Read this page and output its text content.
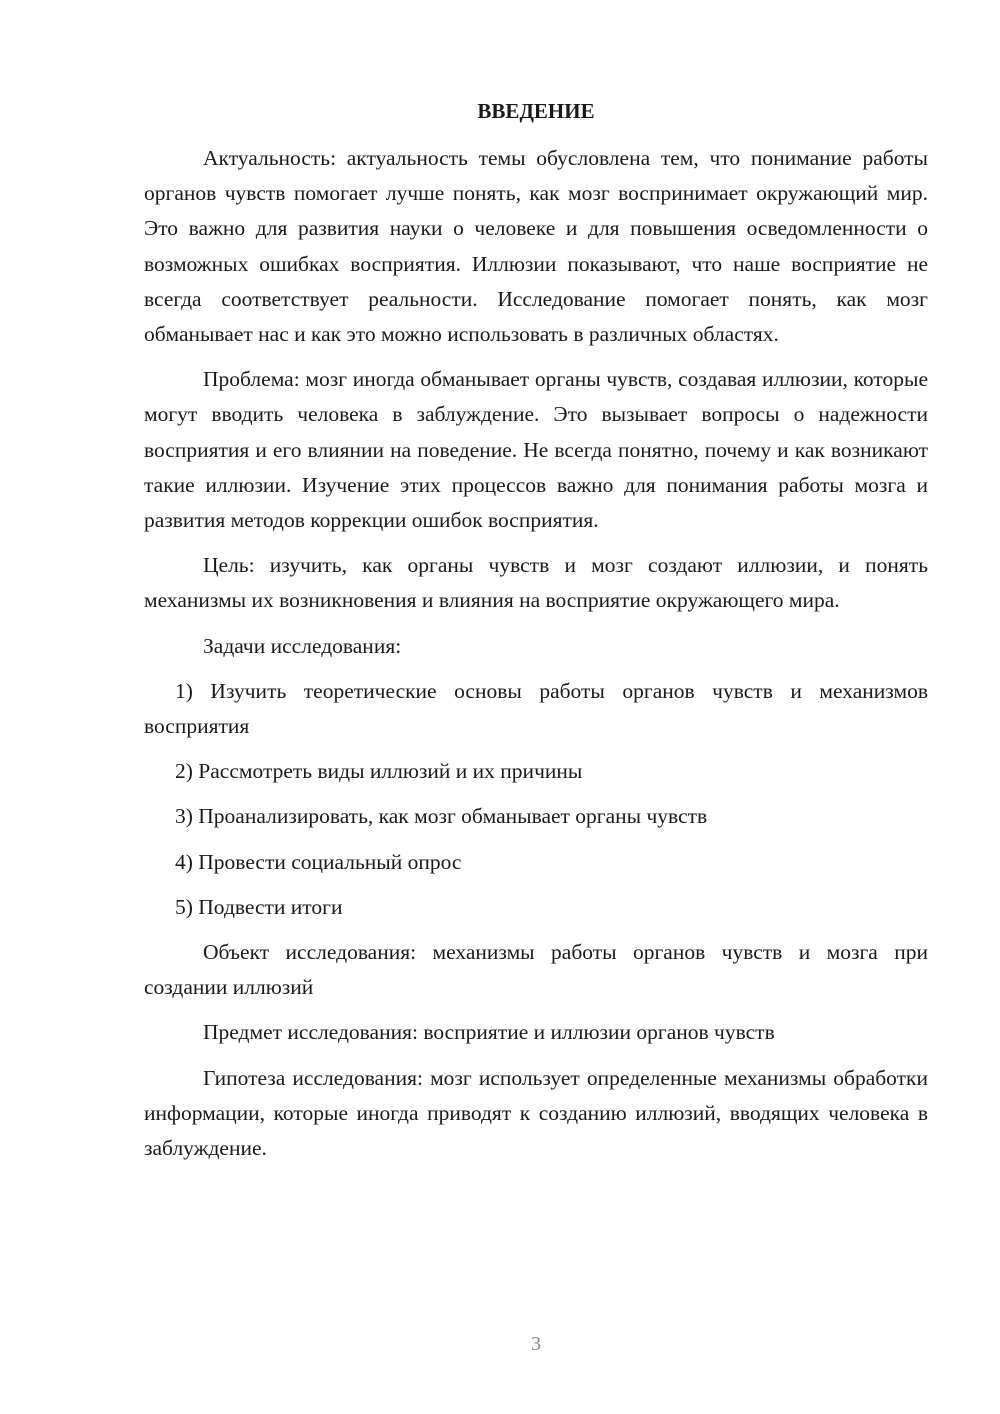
ВВЕДЕНИЕ

Актуальность: актуальность темы обусловлена тем, что понимание работы органов чувств помогает лучше понять, как мозг воспринимает окружающий мир. Это важно для развития науки о человеке и для повышения осведомленности о возможных ошибках восприятия. Иллюзии показывают, что наше восприятие не всегда соответствует реальности. Исследование помогает понять, как мозг обманывает нас и как это можно использовать в различных областях.

Проблема: мозг иногда обманывает органы чувств, создавая иллюзии, которые могут вводить человека в заблуждение. Это вызывает вопросы о надежности восприятия и его влиянии на поведение. Не всегда понятно, почему и как возникают такие иллюзии. Изучение этих процессов важно для понимания работы мозга и развития методов коррекции ошибок восприятия.

Цель: изучить, как органы чувств и мозг создают иллюзии, и понять механизмы их возникновения и влияния на восприятие окружающего мира.

Задачи исследования:

1) Изучить теоретические основы работы органов чувств и механизмов восприятия

2) Рассмотреть виды иллюзий и их причины

3) Проанализировать, как мозг обманывает органы чувств

4) Провести социальный опрос

5) Подвести итоги

Объект исследования: механизмы работы органов чувств и мозга при создании иллюзий

Предмет исследования: восприятие и иллюзии органов чувств

Гипотеза исследования: мозг использует определенные механизмы обработки информации, которые иногда приводят к созданию иллюзий, вводящих человека в заблуждение.

3
